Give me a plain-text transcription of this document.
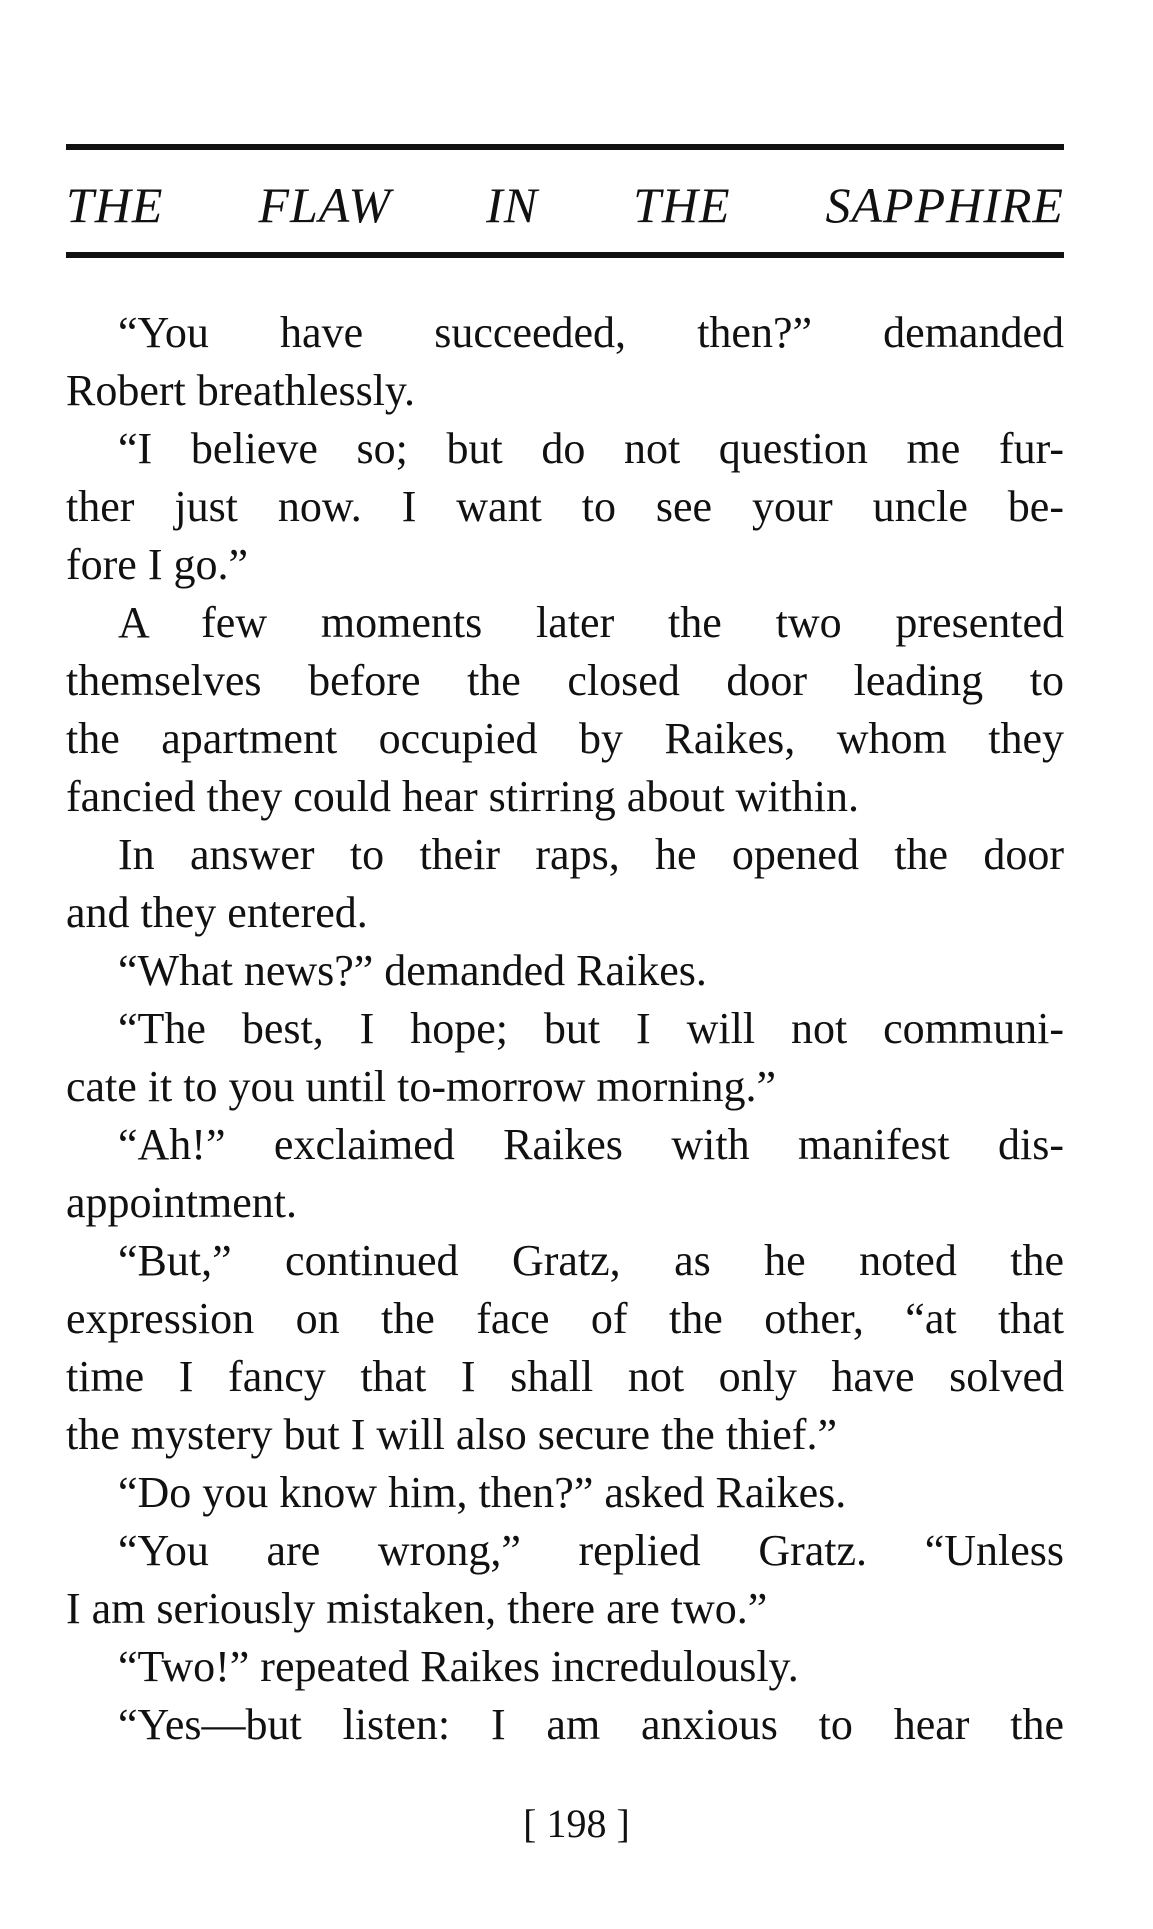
THE FLAW IN THE SAPPHIRE
“You have succeeded, then?” demanded
Robert breathlessly.
“I believe so; but do not question me fur-
ther just now. I want to see your uncle be-
fore I go.”
A few moments later the two presented
themselves before the closed door leading to
the apartment occupied by Raikes, whom they
fancied they could hear stirring about within.
In answer to their raps, he opened the door
and they entered.
“What news?” demanded Raikes.
“The best, I hope; but I will not communi-
cate it to you until to-morrow morning.”
“Ah!” exclaimed Raikes with manifest dis-
appointment.
“But,” continued Gratz, as he noted the
expression on the face of the other, “at that
time I fancy that I shall not only have solved
the mystery but I will also secure the thief.”
“Do you know him, then?” asked Raikes.
“You are wrong,” replied Gratz. “Unless
I am seriously mistaken, there are two.”
“Two!” repeated Raikes incredulously.
“Yes—but listen: I am anxious to hear the
[ 198 ]
